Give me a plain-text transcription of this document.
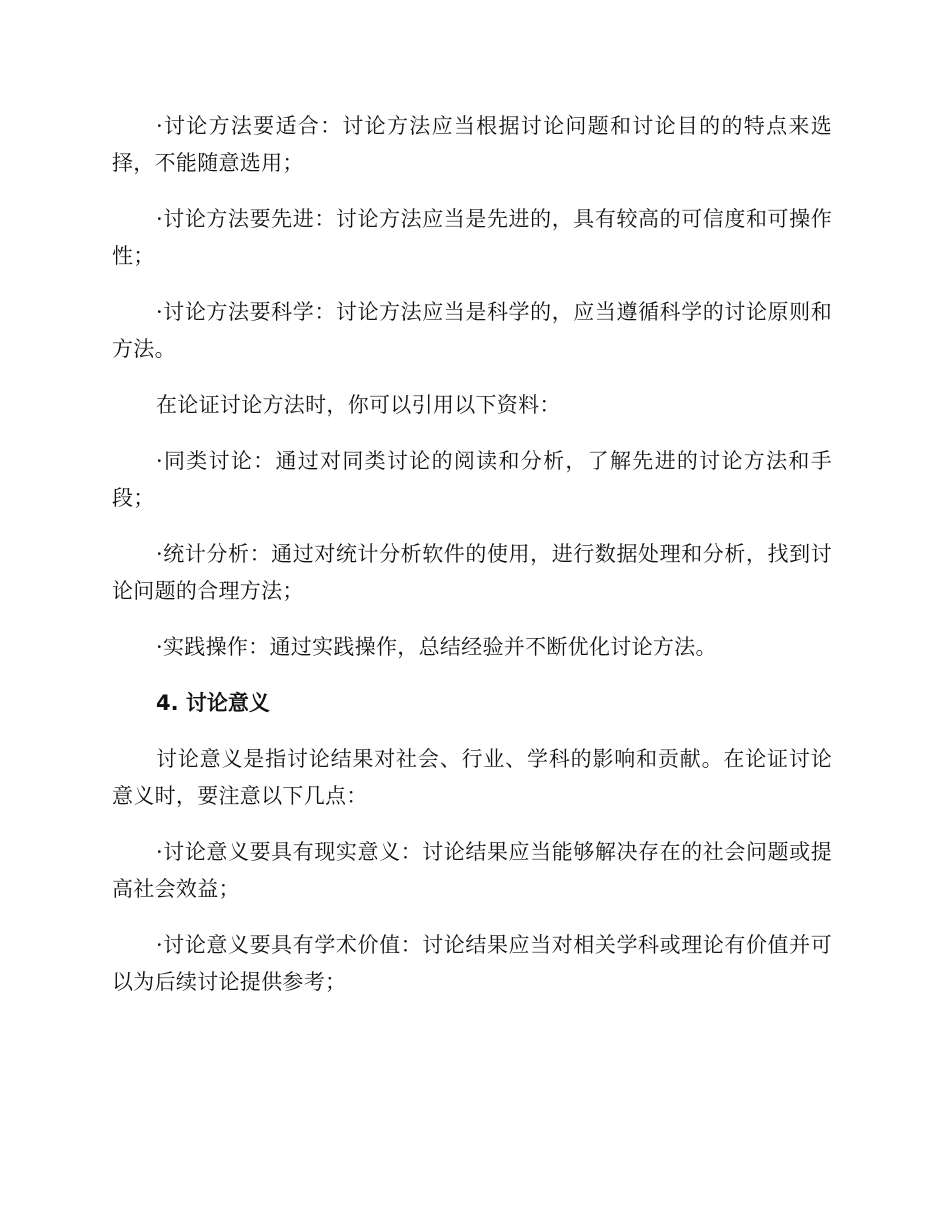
·讨论方法要适合：讨论方法应当根据讨论问题和讨论目的的特点来选择，不能随意选用；

·讨论方法要先进：讨论方法应当是先进的，具有较高的可信度和可操作性；

·讨论方法要科学：讨论方法应当是科学的，应当遵循科学的讨论原则和方法。

在论证讨论方法时，你可以引用以下资料：

·同类讨论：通过对同类讨论的阅读和分析，了解先进的讨论方法和手段；

·统计分析：通过对统计分析软件的使用，进行数据处理和分析，找到讨论问题的合理方法；

·实践操作：通过实践操作，总结经验并不断优化讨论方法。

4. 讨论意义

讨论意义是指讨论结果对社会、行业、学科的影响和贡献。在论证讨论意义时，要注意以下几点：

·讨论意义要具有现实意义：讨论结果应当能够解决存在的社会问题或提高社会效益；

·讨论意义要具有学术价值：讨论结果应当对相关学科或理论有价值并可以为后续讨论提供参考；
